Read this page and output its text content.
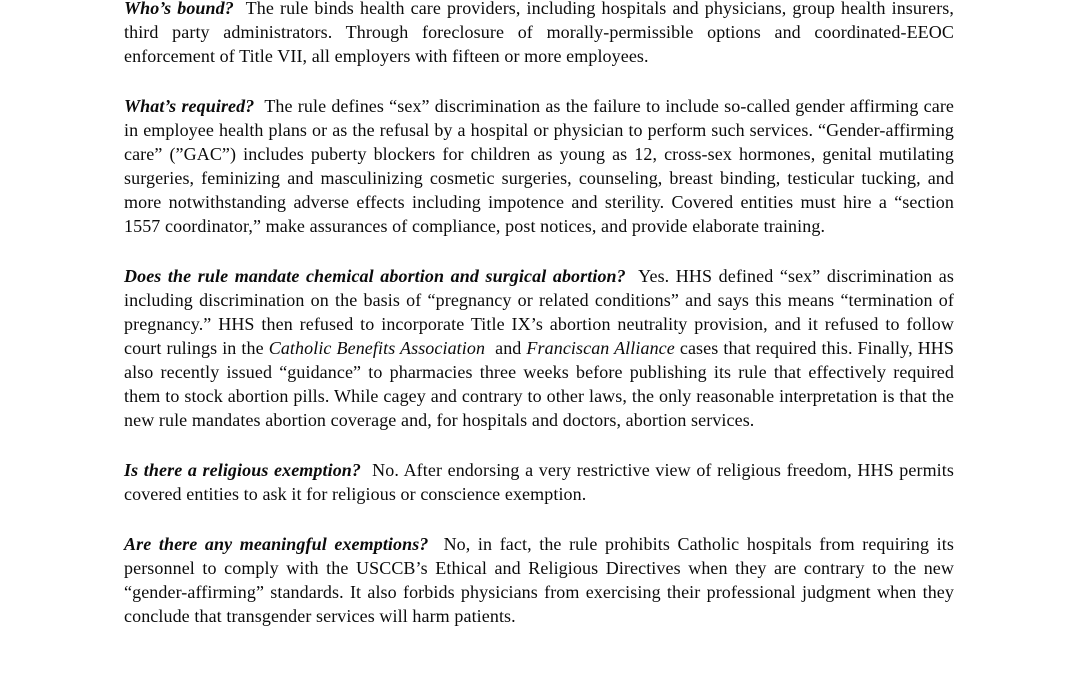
Who’s bound?  The rule binds health care providers, including hospitals and physicians, group health insurers, third party administrators. Through foreclosure of morally-permissible options and coordinated-EEOC enforcement of Title VII, all employers with fifteen or more employees.

What’s required?  The rule defines “sex” discrimination as the failure to include so-called gender affirming care in employee health plans or as the refusal by a hospital or physician to perform such services. “Gender-affirming care” (”GAC”) includes puberty blockers for children as young as 12, cross-sex hormones, genital mutilating surgeries, feminizing and masculinizing cosmetic surgeries, counseling, breast binding, testicular tucking, and more notwithstanding adverse effects including impotence and sterility. Covered entities must hire a “section 1557 coordinator,” make assurances of compliance, post notices, and provide elaborate training.

Does the rule mandate chemical abortion and surgical abortion?  Yes. HHS defined “sex” discrimination as including discrimination on the basis of “pregnancy or related conditions” and says this means “termination of pregnancy.” HHS then refused to incorporate Title IX’s abortion neutrality provision, and it refused to follow court rulings in the Catholic Benefits Association  and Franciscan Alliance cases that required this. Finally, HHS also recently issued “guidance” to pharmacies three weeks before publishing its rule that effectively required them to stock abortion pills. While cagey and contrary to other laws, the only reasonable interpretation is that the new rule mandates abortion coverage and, for hospitals and doctors, abortion services.

Is there a religious exemption?  No. After endorsing a very restrictive view of religious freedom, HHS permits covered entities to ask it for religious or conscience exemption.

Are there any meaningful exemptions?  No, in fact, the rule prohibits Catholic hospitals from requiring its personnel to comply with the USCCB’s Ethical and Religious Directives when they are contrary to the new “gender-affirming” standards. It also forbids physicians from exercising their professional judgment when they conclude that transgender services will harm patients.
